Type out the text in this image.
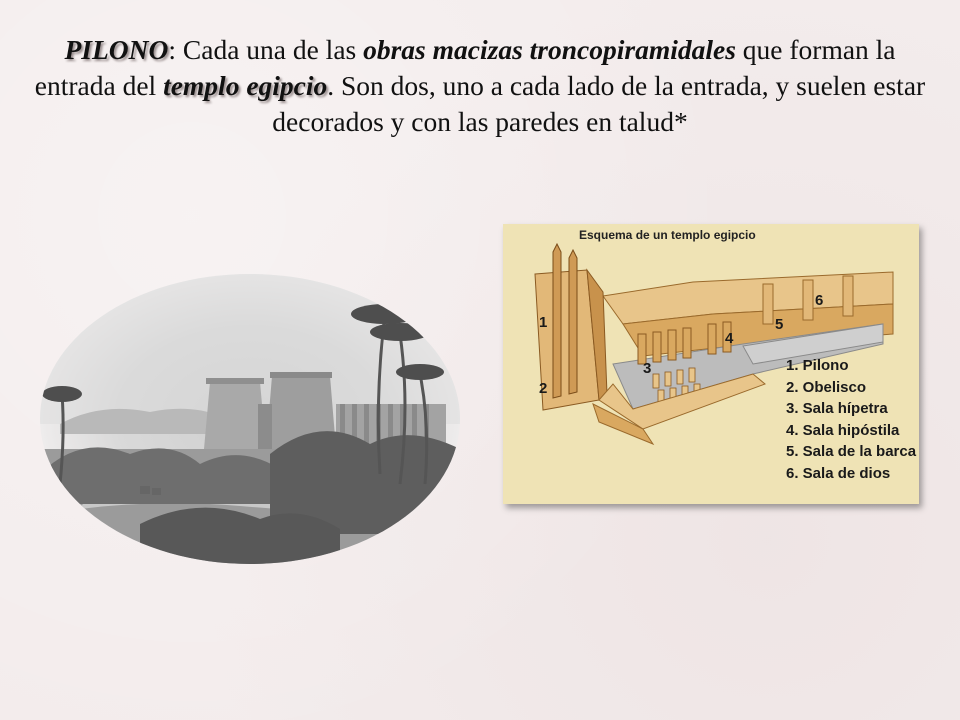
PILONO: Cada una de las obras macizas troncopiramidales que forman la entrada del templo egipcio. Son dos, uno a cada lado de la entrada, y suelen estar decorados y con las paredes en talud*
Esquema de un templo egipcio
1
2
3
4
5
6
1. Pilono
2. Obelisco
3. Sala hípetra
4. Sala hipóstila
5. Sala de la barca
6. Sala de dios
